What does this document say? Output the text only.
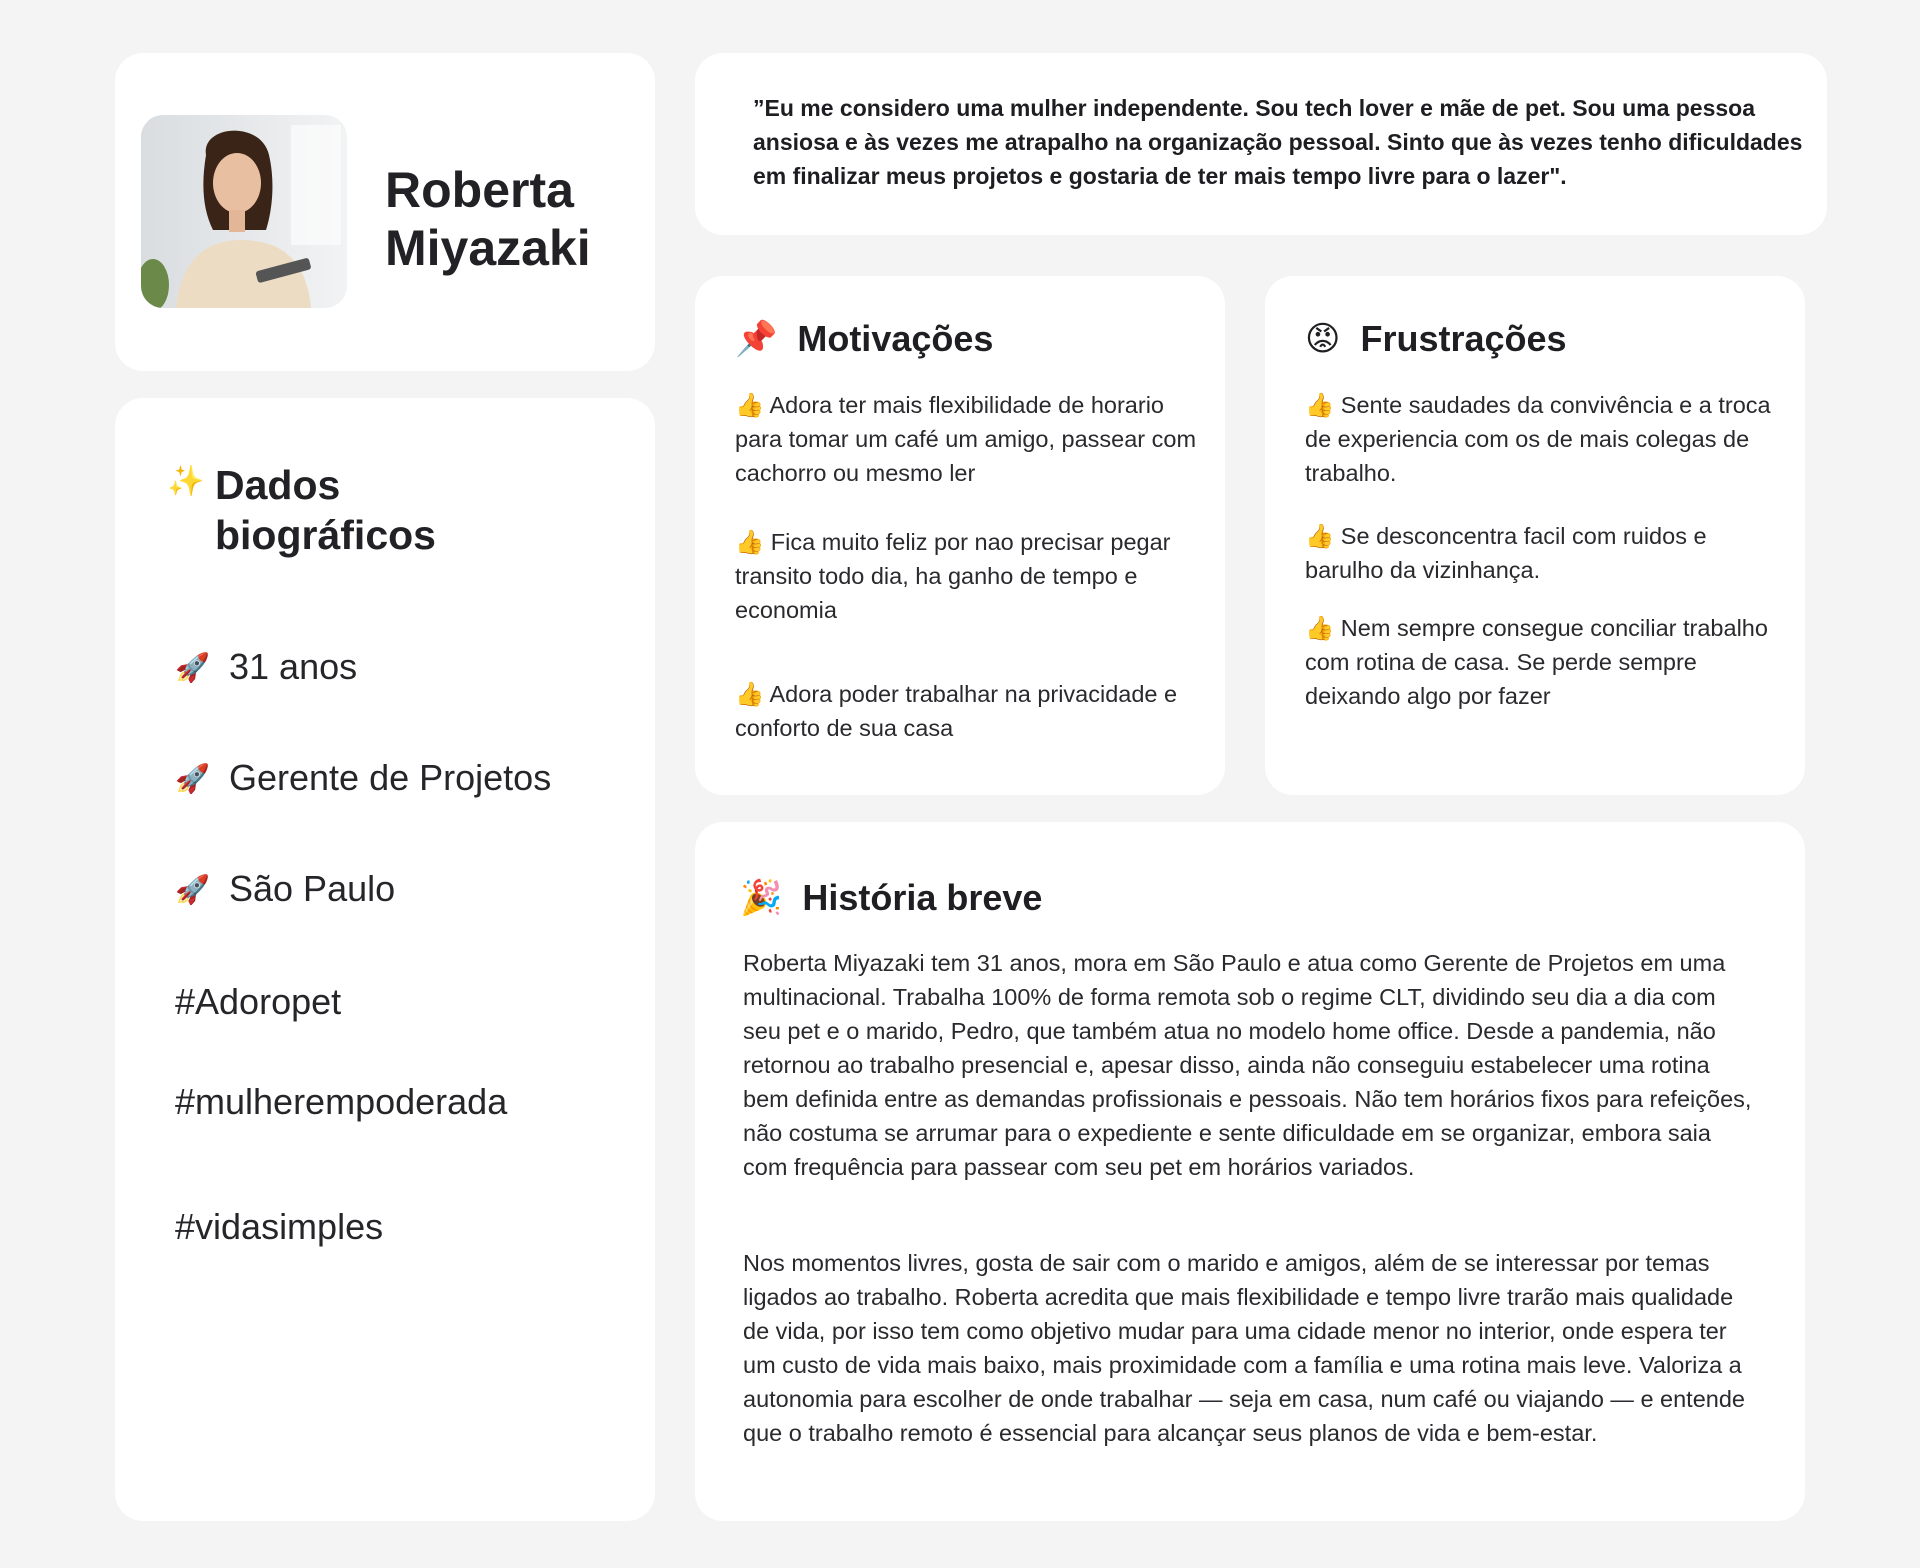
Roberta Miyazaki
✨ Dados biográficos
🚀 31 anos
🚀 Gerente de Projetos
🚀 São Paulo
#Adoropet
#mulherempoderada
#vidasimples
”Eu me considero uma mulher independente. Sou tech lover e mãe de pet. Sou uma pessoa ansiosa e às vezes me atrapalho na organização pessoal. Sinto que às vezes tenho dificuldades em finalizar meus projetos e gostaria de ter mais tempo livre para o lazer".
📌 Motivações
👍 Adora ter mais flexibilidade de horario para tomar um café um amigo, passear com cachorro ou mesmo ler
👍 Fica muito feliz por nao precisar pegar transito todo dia, ha ganho de tempo e economia
👍 Adora poder trabalhar na privacidade e conforto de sua casa
😡 Frustrações
👍 Sente saudades da convivência e a troca de experiencia com os de mais colegas de trabalho.
👍 Se desconcentra facil com ruidos e barulho da vizinhança.
👍 Nem sempre consegue conciliar trabalho com rotina de casa. Se perde sempre deixando algo por fazer
🎉 História breve
Roberta Miyazaki tem 31 anos, mora em São Paulo e atua como Gerente de Projetos em uma multinacional. Trabalha 100% de forma remota sob o regime CLT, dividindo seu dia a dia com seu pet e o marido, Pedro, que também atua no modelo home office. Desde a pandemia, não retornou ao trabalho presencial e, apesar disso, ainda não conseguiu estabelecer uma rotina bem definida entre as demandas profissionais e pessoais. Não tem horários fixos para refeições, não costuma se arrumar para o expediente e sente dificuldade em se organizar, embora saia com frequência para passear com seu pet em horários variados.
Nos momentos livres, gosta de sair com o marido e amigos, além de se interessar por temas ligados ao trabalho. Roberta acredita que mais flexibilidade e tempo livre trarão mais qualidade de vida, por isso tem como objetivo mudar para uma cidade menor no interior, onde espera ter um custo de vida mais baixo, mais proximidade com a família e uma rotina mais leve. Valoriza a autonomia para escolher de onde trabalhar — seja em casa, num café ou viajando — e entende que o trabalho remoto é essencial para alcançar seus planos de vida e bem-estar.
